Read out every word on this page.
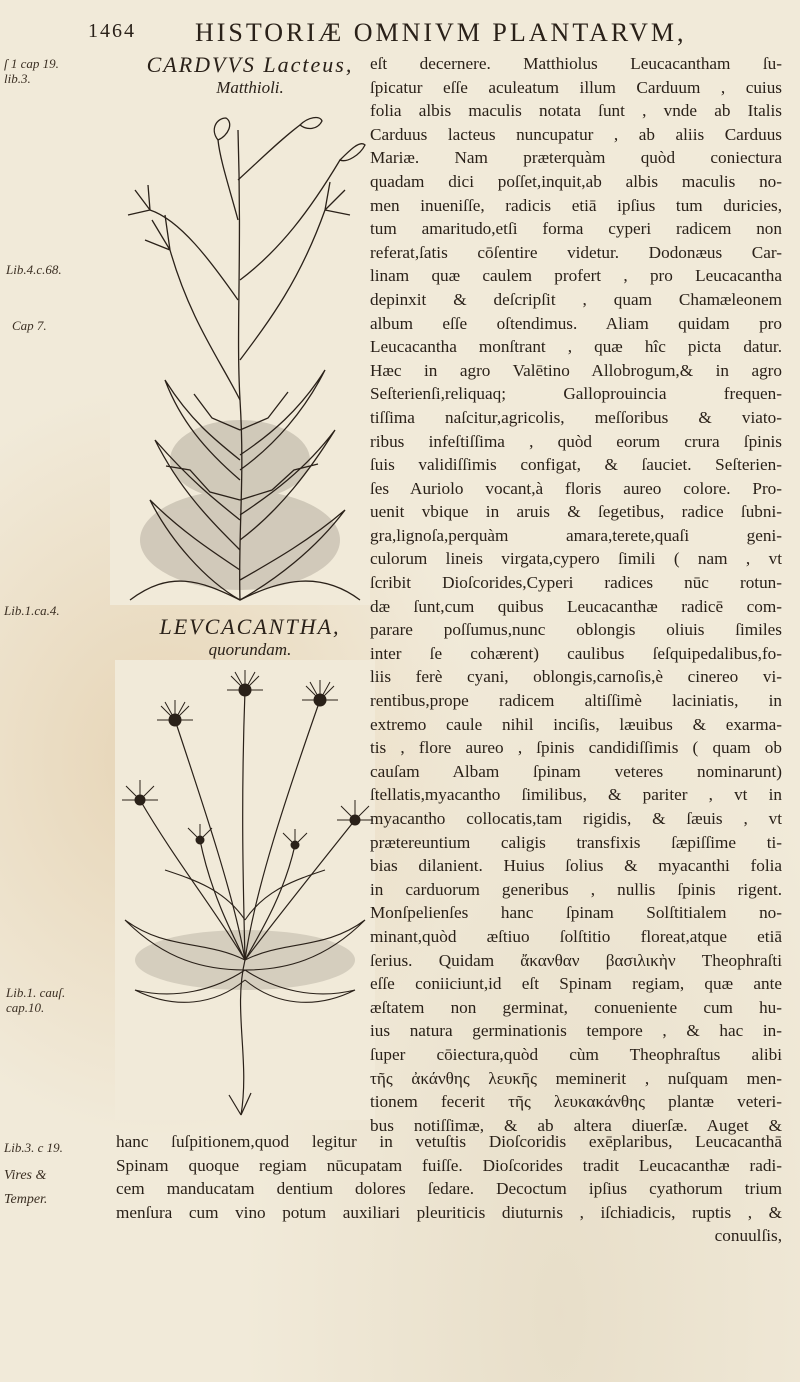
1464 HISTORIÆ OMNIVM PLANTARVM,
ſ 1 cap 19.
lib.3.
Lib.4.c.68.
Cap 7.
Lib.1.ca.4.
Lib.1. cauſ.
cap.10.
Lib.3. c 19.
Vires &
Temper.
CARDVVS Lacteus,
Matthioli.
LEVCACANTHA,
quorundam.

eſt decernere. Matthiolus Leucacantham ſu-

ſpicatur eſſe aculeatum illum Carduum , cuius

folia albis maculis notata ſunt , vnde ab Italis

Carduus lacteus nuncupatur , ab aliis Carduus

Mariæ. Nam præterquàm quòd coniectura

quadam dici poſſet,inquit,ab albis maculis no-

men inueniſſe, radicis etiā ipſius tum duricies,

tum amaritudo,etſi forma cyperi radicem non

referat,ſatis cōſentire videtur. Dodonæus Car-

linam quæ caulem profert , pro Leucacantha

depinxit & deſcripſit , quam Chamæleonem

album eſſe oſtendimus. Aliam quidam pro

Leucacantha monſtrant , quæ hîc picta datur.

Hæc in agro Valētino Allobrogum,& in agro

Seſterienſi,reliquaq; Galloprouincia frequen-

tiſſima naſcitur,agricolis, meſſoribus & viato-

ribus infeſtiſſima , quòd eorum crura ſpinis

ſuis validiſſimis configat, & ſauciet. Seſterien-

ſes Auriolo vocant,à floris aureo colore. Pro-

uenit vbique in aruis & ſegetibus, radice ſubni-

gra,lignoſa,perquàm amara,terete,quaſi geni-

culorum lineis virgata,cypero ſimili ( nam , vt

ſcribit Dioſcorides,Cyperi radices nūc rotun-

dæ ſunt,cum quibus Leucacanthæ radicē com-

parare poſſumus,nunc oblongis oliuis ſimiles

inter ſe cohærent) caulibus ſeſquipedalibus,fo-

liis ferè cyani, oblongis,carnoſis,è cinereo vi-

rentibus,prope radicem altiſſimè laciniatis, in

extremo caule nihil inciſis, læuibus & exarma-

tis , flore aureo , ſpinis candidiſſimis ( quam ob

cauſam Albam ſpinam veteres nominarunt)

ſtellatis,myacantho ſimilibus, & pariter , vt in

myacantho collocatis,tam rigidis, & ſæuis , vt

prætereuntium caligis transfixis ſæpiſſime ti-

bias dilanient. Huius ſolius & myacanthi folia

in carduorum generibus , nullis ſpinis rigent.

Monſpelienſes hanc ſpinam Solſtitialem no-

minant,quòd æſtiuo ſolſtitio floreat,atque etiā

ſerius. Quidam ἄκανθαν βασιλικὴν Theophraſti

eſſe coniiciunt,id eſt Spinam regiam, quæ ante

æſtatem non germinat, conueniente cum hu-

ius natura germinationis tempore , & hac in-

ſuper cōiectura,quòd cùm Theophraſtus alibi

τῆς ἀκάνθης λευκῆς meminerit , nuſquam men-

tionem fecerit τῆς λευκακάνθης plantæ veteri-

bus notiſſimæ, & ab altera diuerſæ. Auget &

hanc ſuſpitionem,quod legitur in vetuſtis Dioſcoridis exēplaribus, Leucacanthā

Spinam quoque regiam nūcupatam fuiſſe. Dioſcorides tradit Leucacanthæ radi-

cem manducatam dentium dolores ſedare. Decoctum ipſius cyathorum trium

menſura cum vino potum auxiliari pleuriticis diuturnis , iſchiadicis, ruptis , &

conuulſis,
